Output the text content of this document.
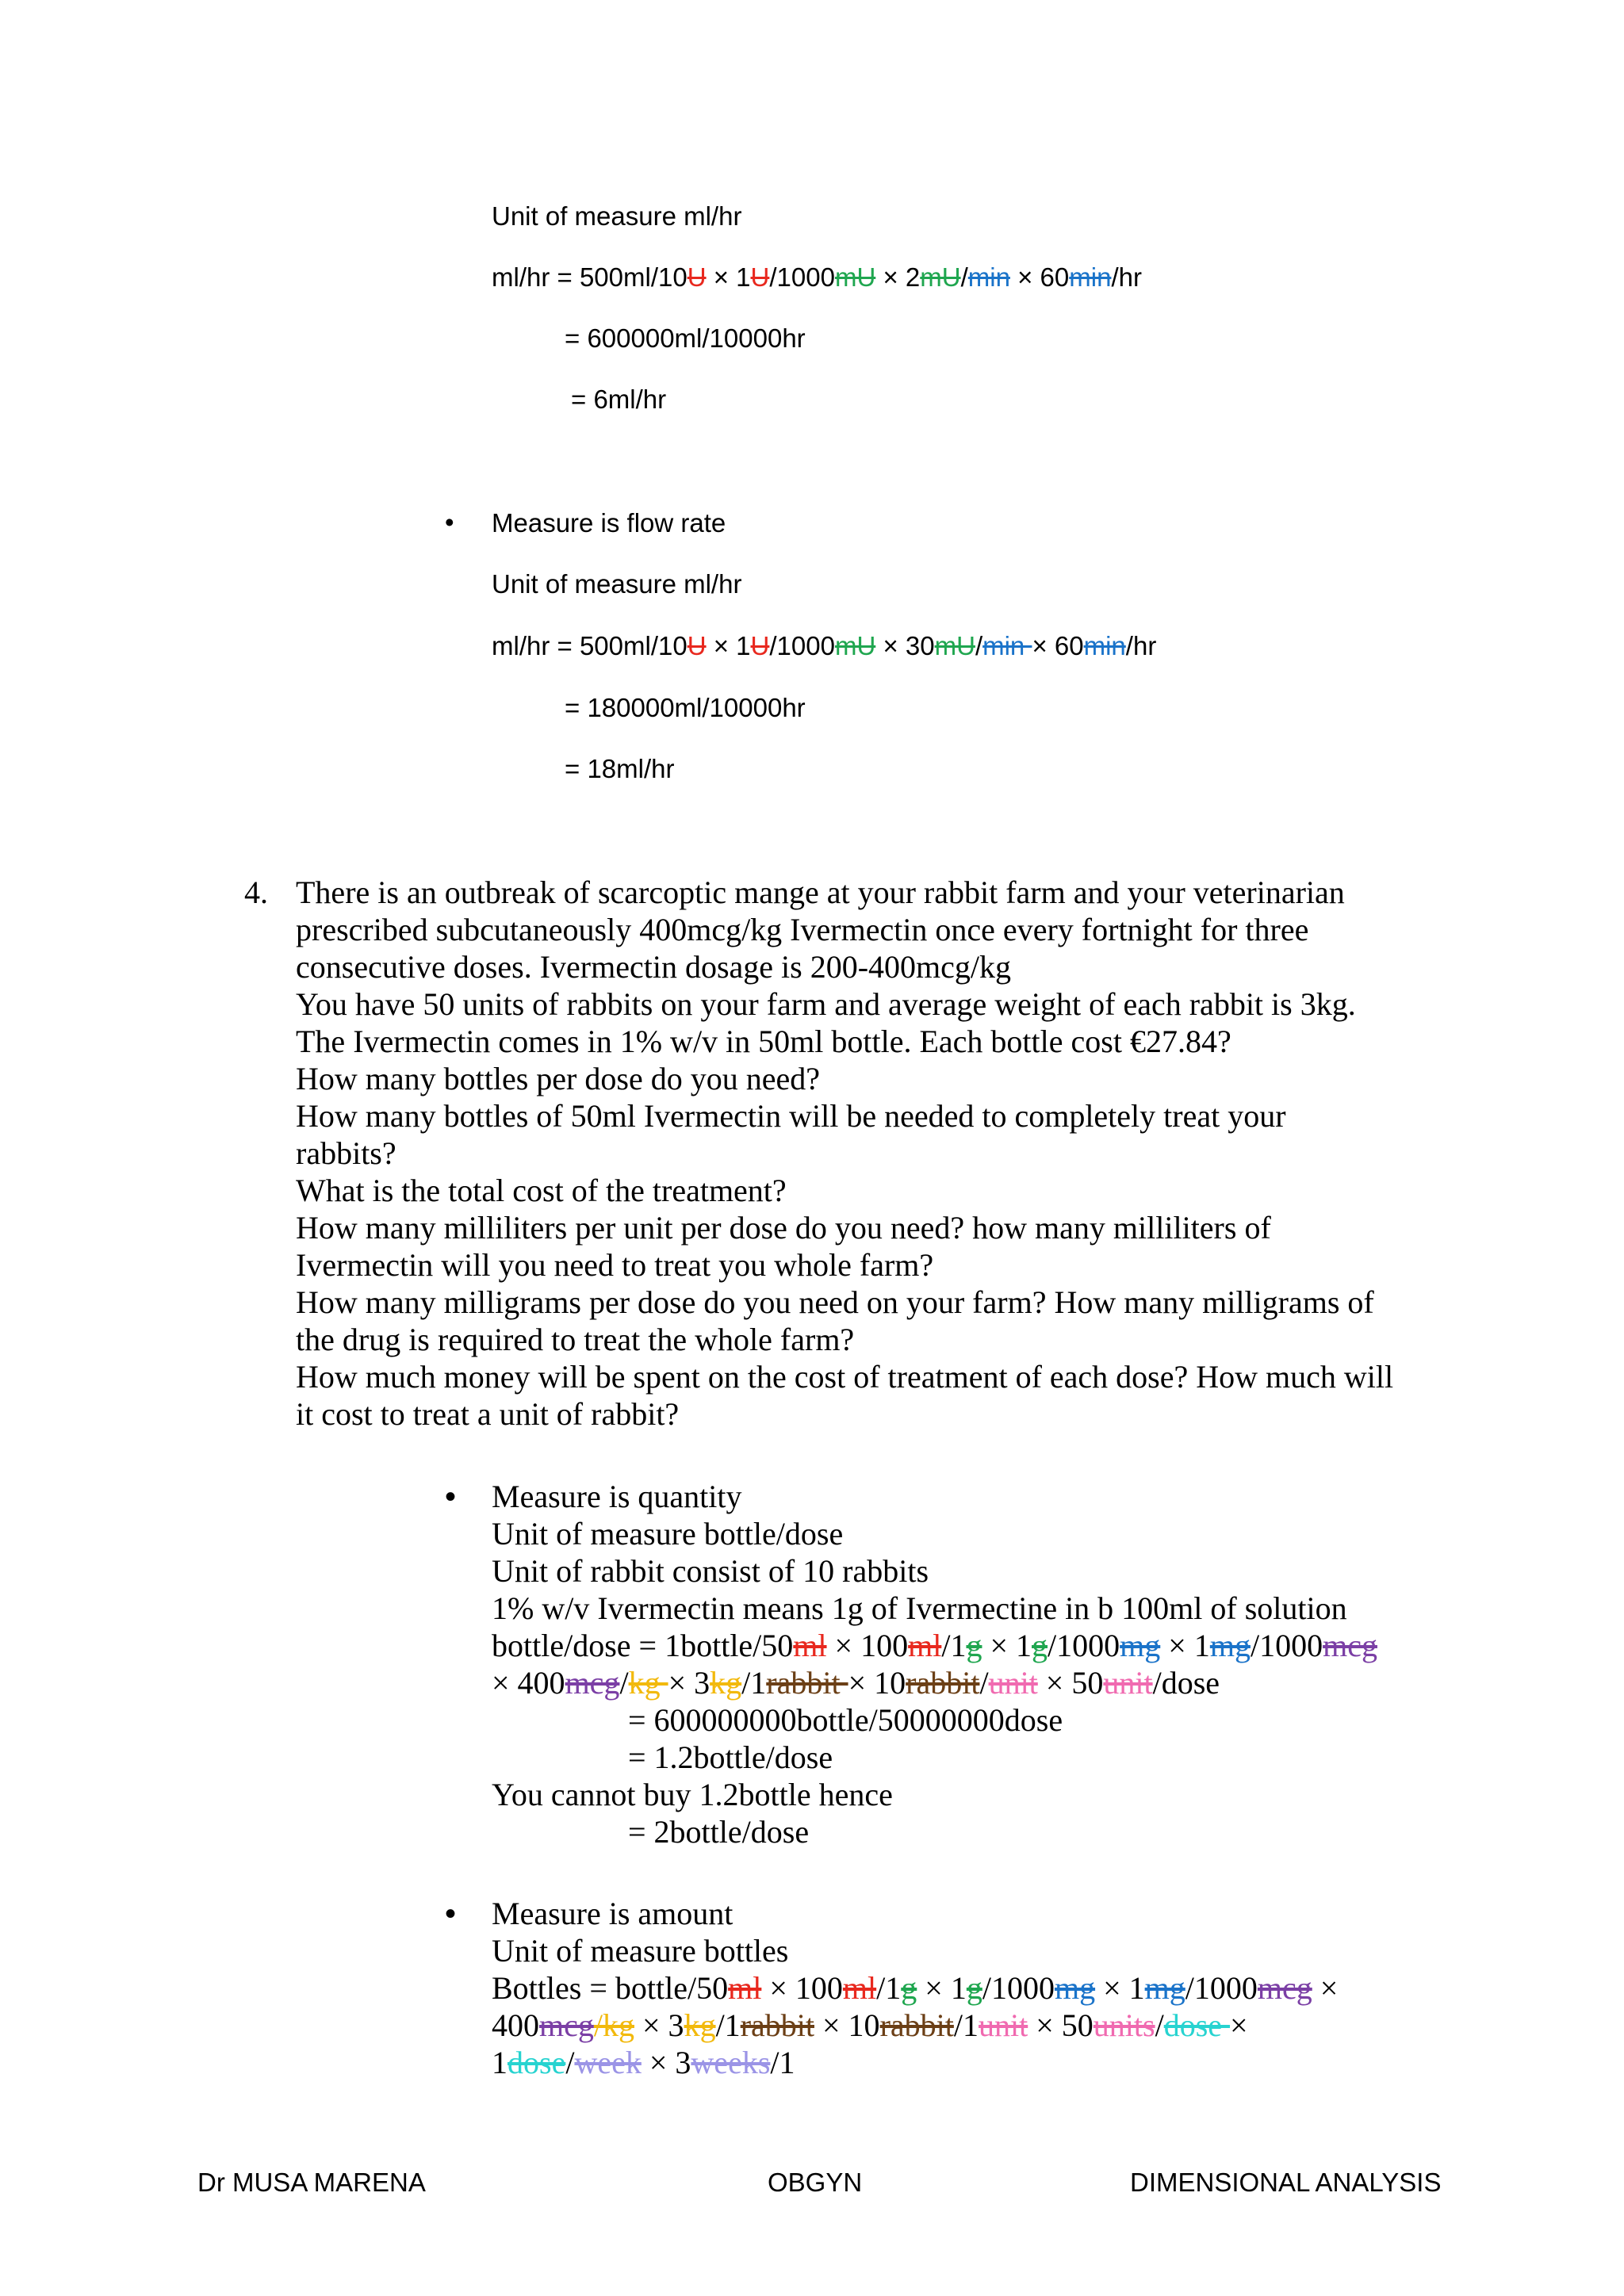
Unit of measure ml/hr
ml/hr = 500ml/10U × 1U/1000mU × 2mU/min × 60min/hr
= 600000ml/10000hr
= 6ml/hr
• Measure is flow rate
Unit of measure ml/hr
ml/hr = 500ml/10U × 1U/1000mU × 30mU/min × 60min/hr
= 180000ml/10000hr
= 18ml/hr
4. There is an outbreak of scarcoptic mange at your rabbit farm and your veterinarian
prescribed subcutaneously 400mcg/kg Ivermectin once every fortnight for three
consecutive doses. Ivermectin dosage is 200-400mcg/kg
You have 50 units of rabbits on your farm and average weight of each rabbit is 3kg.
The Ivermectin comes in 1% w/v in 50ml bottle. Each bottle cost €27.84?
How many bottles per dose do you need?
How many bottles of 50ml Ivermectin will be needed to completely treat your
rabbits?
What is the total cost of the treatment?
How many milliliters per unit per dose do you need? how many milliliters of
Ivermectin will you need to treat you whole farm?
How many milligrams per dose do you need on your farm? How many milligrams of
the drug is required to treat the whole farm?
How much money will be spent on the cost of treatment of each dose? How much will
it cost to treat a unit of rabbit?
• Measure is quantity
Unit of measure bottle/dose
Unit of rabbit consist of 10 rabbits
1% w/v Ivermectin means 1g of Ivermectine in b 100ml of solution
bottle/dose = 1bottle/50ml × 100ml/1g × 1g/1000mg × 1mg/1000mcg
× 400mcg/kg × 3kg/1rabbit × 10rabbit/unit × 50unit/dose
= 600000000bottle/50000000dose
= 1.2bottle/dose
You cannot buy 1.2bottle hence
= 2bottle/dose
• Measure is amount
Unit of measure bottles
Bottles = bottle/50ml × 100ml/1g × 1g/1000mg × 1mg/1000mcg ×
400mcg/kg × 3kg/1rabbit × 10rabbit/1unit × 50units/dose ×
1dose/week × 3weeks/1
Dr MUSA MARENA	OBGYN	DIMENSIONAL ANALYSIS
